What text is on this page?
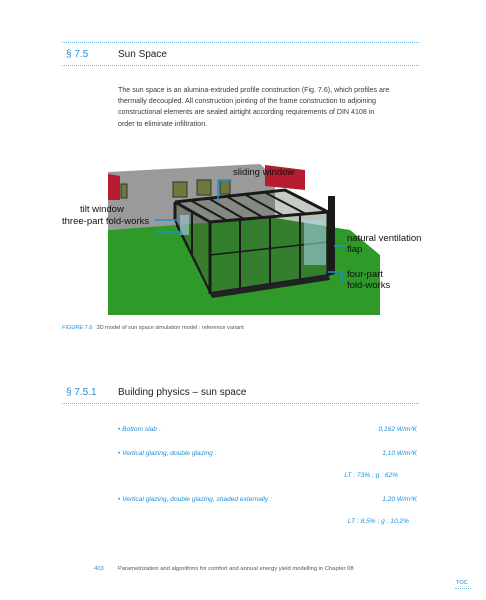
§ 7.5	Sun Space
The sun space is an alumina-extruded profile construction (Fig. 7.6), which profiles are
thermally decoupled. All construction jointing of the frame construction to adjoining
constructional elements are sealed airtight according requirements of DIN 4108 in
order to eliminate infiltration.
sliding window
tilt window
three-part fold-works
natural ventilation
flap
four-part
fold-works
FIGURE 7.6 3D model of sun space simulation model : reference variant
§ 7.5.1 Building physics – sun space
• Bottom slab :	0,162 W/m²K
• Vertical glazing, double glazing :	1,10 W/m²K
LT : 73% ; g : 62%
• Vertical glazing, double glazing, shaded externally :	1,20 W/m²K
LT : 8,5% ; g : 10,2%
403 Parametrization and algorithms for comfort and annual energy yield modelling in Chapter 08
TOC
